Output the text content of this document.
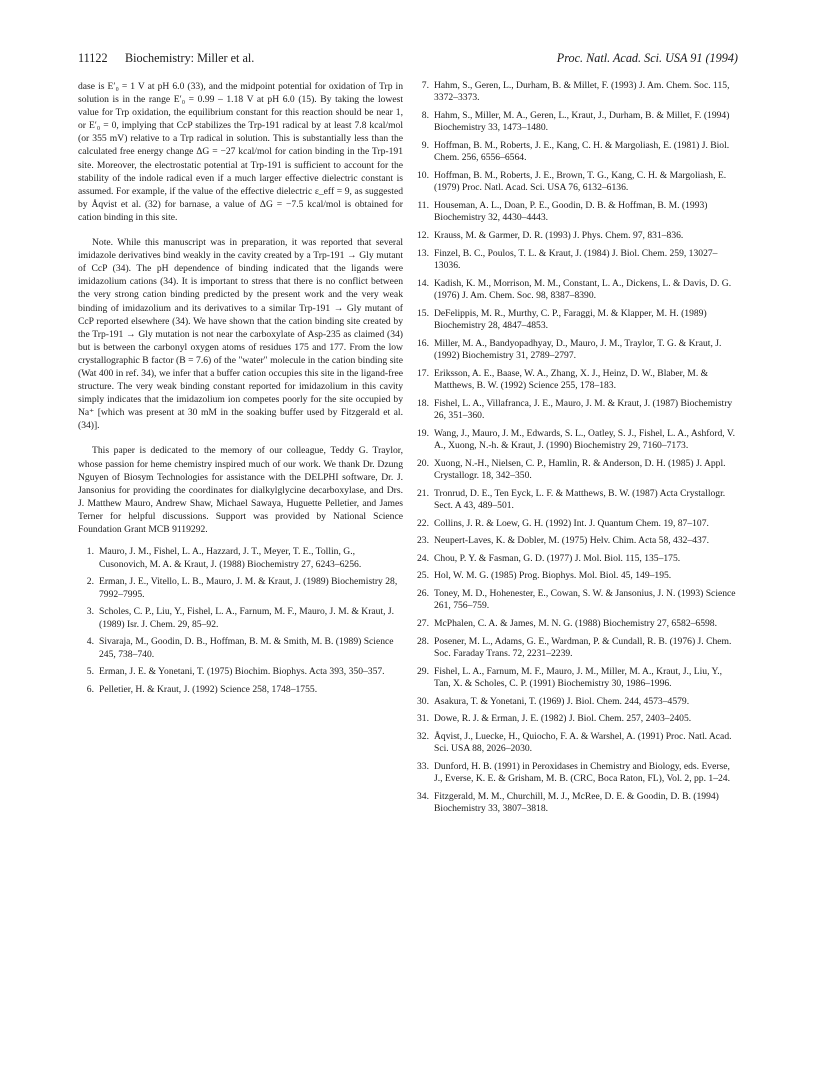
11122 Biochemistry: Miller et al.	Proc. Natl. Acad. Sci. USA 91 (1994)

dase is E′₀ = 1 V at pH 6.0 (33), and the midpoint potential for oxidation of Trp in solution is in the range E′₀ = 0.99 – 1.18 V at pH 6.0 (15). By taking the lowest value for Trp oxidation, the equilibrium constant for this reaction should be near 1, or E′₀ = 0, implying that CcP stabilizes the Trp-191 radical by at least 7.8 kcal/mol (or 355 mV) relative to a Trp radical in solution. This is substantially less than the calculated free energy change ΔG = −27 kcal/mol for cation binding in the Trp-191 site. Moreover, the electrostatic potential at Trp-191 is sufficient to account for the stability of the indole radical even if a much larger effective dielectric constant is assumed. For example, if the value of the effective dielectric ε_eff = 9, as suggested by Åqvist et al. (32) for barnase, a value of ΔG = −7.5 kcal/mol is obtained for cation binding in this site.

Note. While this manuscript was in preparation, it was reported that several imidazole derivatives bind weakly in the cavity created by a Trp-191 → Gly mutant of CcP (34). The pH dependence of binding indicated that the ligands were imidazolium cations (34). It is important to stress that there is no conflict between the very strong cation binding predicted by the present work and the very weak binding of imidazolium and its derivatives to a similar Trp-191 → Gly mutant of CcP reported elsewhere (34). We have shown that the cation binding site created by the Trp-191 → Gly mutation is not near the carboxylate of Asp-235 as claimed (34) but is between the carbonyl oxygen atoms of residues 175 and 177. From the low crystallographic B factor (B = 7.6) of the "water" molecule in the cation binding site (Wat 400 in ref. 34), we infer that a buffer cation occupies this site in the ligand-free structure. The very weak binding constant reported for imidazolium in this cavity simply indicates that the imidazolium ion competes poorly for the site occupied by Na⁺ [which was present at 30 mM in the soaking buffer used by Fitzgerald et al. (34)].

This paper is dedicated to the memory of our colleague, Teddy G. Traylor, whose passion for heme chemistry inspired much of our work. We thank Dr. Dzung Nguyen of Biosym Technologies for assistance with the DELPHI software, Dr. J. Jansonius for providing the coordinates for dialkylglycine decarboxylase, and Drs. J. Matthew Mauro, Andrew Shaw, Michael Sawaya, Huguette Pelletier, and James Terner for helpful discussions. Support was provided by National Science Foundation Grant MCB 9119292.

1. Mauro, J. M., Fishel, L. A., Hazzard, J. T., Meyer, T. E., Tollin, G., Cusonovich, M. A. & Kraut, J. (1988) Biochemistry 27, 6243–6256.
2. Erman, J. E., Vitello, L. B., Mauro, J. M. & Kraut, J. (1989) Biochemistry 28, 7992–7995.
3. Scholes, C. P., Liu, Y., Fishel, L. A., Farnum, M. F., Mauro, J. M. & Kraut, J. (1989) Isr. J. Chem. 29, 85–92.
4. Sivaraja, M., Goodin, D. B., Hoffman, B. M. & Smith, M. B. (1989) Science 245, 738–740.
5. Erman, J. E. & Yonetani, T. (1975) Biochim. Biophys. Acta 393, 350–357.
6. Pelletier, H. & Kraut, J. (1992) Science 258, 1748–1755.
7. Hahm, S., Geren, L., Durham, B. & Millet, F. (1993) J. Am. Chem. Soc. 115, 3372–3373.
8. Hahm, S., Miller, M. A., Geren, L., Kraut, J., Durham, B. & Millet, F. (1994) Biochemistry 33, 1473–1480.
9. Hoffman, B. M., Roberts, J. E., Kang, C. H. & Margoliash, E. (1981) J. Biol. Chem. 256, 6556–6564.
10. Hoffman, B. M., Roberts, J. E., Brown, T. G., Kang, C. H. & Margoliash, E. (1979) Proc. Natl. Acad. Sci. USA 76, 6132–6136.
11. Houseman, A. L., Doan, P. E., Goodin, D. B. & Hoffman, B. M. (1993) Biochemistry 32, 4430–4443.
12. Krauss, M. & Garmer, D. R. (1993) J. Phys. Chem. 97, 831–836.
13. Finzel, B. C., Poulos, T. L. & Kraut, J. (1984) J. Biol. Chem. 259, 13027–13036.
14. Kadish, K. M., Morrison, M. M., Constant, L. A., Dickens, L. & Davis, D. G. (1976) J. Am. Chem. Soc. 98, 8387–8390.
15. DeFelippis, M. R., Murthy, C. P., Faraggi, M. & Klapper, M. H. (1989) Biochemistry 28, 4847–4853.
16. Miller, M. A., Bandyopadhyay, D., Mauro, J. M., Traylor, T. G. & Kraut, J. (1992) Biochemistry 31, 2789–2797.
17. Eriksson, A. E., Baase, W. A., Zhang, X. J., Heinz, D. W., Blaber, M. & Matthews, B. W. (1992) Science 255, 178–183.
18. Fishel, L. A., Villafranca, J. E., Mauro, J. M. & Kraut, J. (1987) Biochemistry 26, 351–360.
19. Wang, J., Mauro, J. M., Edwards, S. L., Oatley, S. J., Fishel, L. A., Ashford, V. A., Xuong, N.-h. & Kraut, J. (1990) Biochemistry 29, 7160–7173.
20. Xuong, N.-H., Nielsen, C. P., Hamlin, R. & Anderson, D. H. (1985) J. Appl. Crystallogr. 18, 342–350.
21. Tronrud, D. E., Ten Eyck, L. F. & Matthews, B. W. (1987) Acta Crystallogr. Sect. A 43, 489–501.
22. Collins, J. R. & Loew, G. H. (1992) Int. J. Quantum Chem. 19, 87–107.
23. Neupert-Laves, K. & Dobler, M. (1975) Helv. Chim. Acta 58, 432–437.
24. Chou, P. Y. & Fasman, G. D. (1977) J. Mol. Biol. 115, 135–175.
25. Hol, W. M. G. (1985) Prog. Biophys. Mol. Biol. 45, 149–195.
26. Toney, M. D., Hohenester, E., Cowan, S. W. & Jansonius, J. N. (1993) Science 261, 756–759.
27. McPhalen, C. A. & James, M. N. G. (1988) Biochemistry 27, 6582–6598.
28. Posener, M. L., Adams, G. E., Wardman, P. & Cundall, R. B. (1976) J. Chem. Soc. Faraday Trans. 72, 2231–2239.
29. Fishel, L. A., Farnum, M. F., Mauro, J. M., Miller, M. A., Kraut, J., Liu, Y., Tan, X. & Scholes, C. P. (1991) Biochemistry 30, 1986–1996.
30. Asakura, T. & Yonetani, T. (1969) J. Biol. Chem. 244, 4573–4579.
31. Dowe, R. J. & Erman, J. E. (1982) J. Biol. Chem. 257, 2403–2405.
32. Åqvist, J., Luecke, H., Quiocho, F. A. & Warshel, A. (1991) Proc. Natl. Acad. Sci. USA 88, 2026–2030.
33. Dunford, H. B. (1991) in Peroxidases in Chemistry and Biology, eds. Everse, J., Everse, K. E. & Grisham, M. B. (CRC, Boca Raton, FL), Vol. 2, pp. 1–24.
34. Fitzgerald, M. M., Churchill, M. J., McRee, D. E. & Goodin, D. B. (1994) Biochemistry 33, 3807–3818.
